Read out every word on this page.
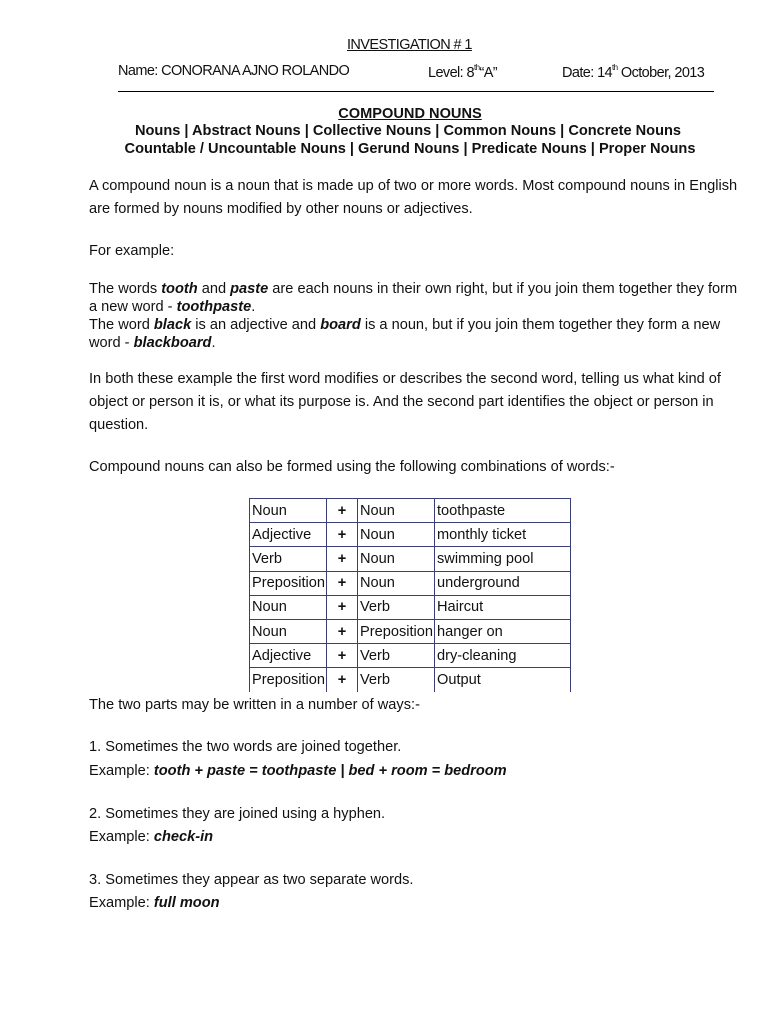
INVESTIGATION # 1
Name: CONORANA AJNO ROLANDO	Level: 8th“A”	Date: 14th October, 2013
COMPOUND NOUNS
Nouns | Abstract Nouns | Collective Nouns | Common Nouns | Concrete Nouns
Countable / Uncountable Nouns | Gerund Nouns | Predicate Nouns | Proper Nouns
A compound noun is a noun that is made up of two or more words. Most compound nouns in English are formed by nouns modified by other nouns or adjectives.
For example:
The words tooth and paste are each nouns in their own right, but if you join them together they form a new word - toothpaste.
The word black is an adjective and board is a noun, but if you join them together they form a new word - blackboard.
In both these example the first word modifies or describes the second word, telling us what kind of object or person it is, or what its purpose is. And the second part identifies the object or person in question.
Compound nouns can also be formed using the following combinations of words:-
Noun	+	Noun	toothpaste
Adjective	+	Noun	monthly ticket
Verb	+	Noun	swimming pool
Preposition	+	Noun	underground
Noun	+	Verb	Haircut
Noun	+	Preposition	hanger on
Adjective	+	Verb	dry-cleaning
Preposition	+	Verb	Output
The two parts may be written in a number of ways:-
1. Sometimes the two words are joined together.
Example: tooth + paste = toothpaste | bed + room = bedroom
2. Sometimes they are joined using a hyphen.
Example: check-in
3. Sometimes they appear as two separate words.
Example: full moon
